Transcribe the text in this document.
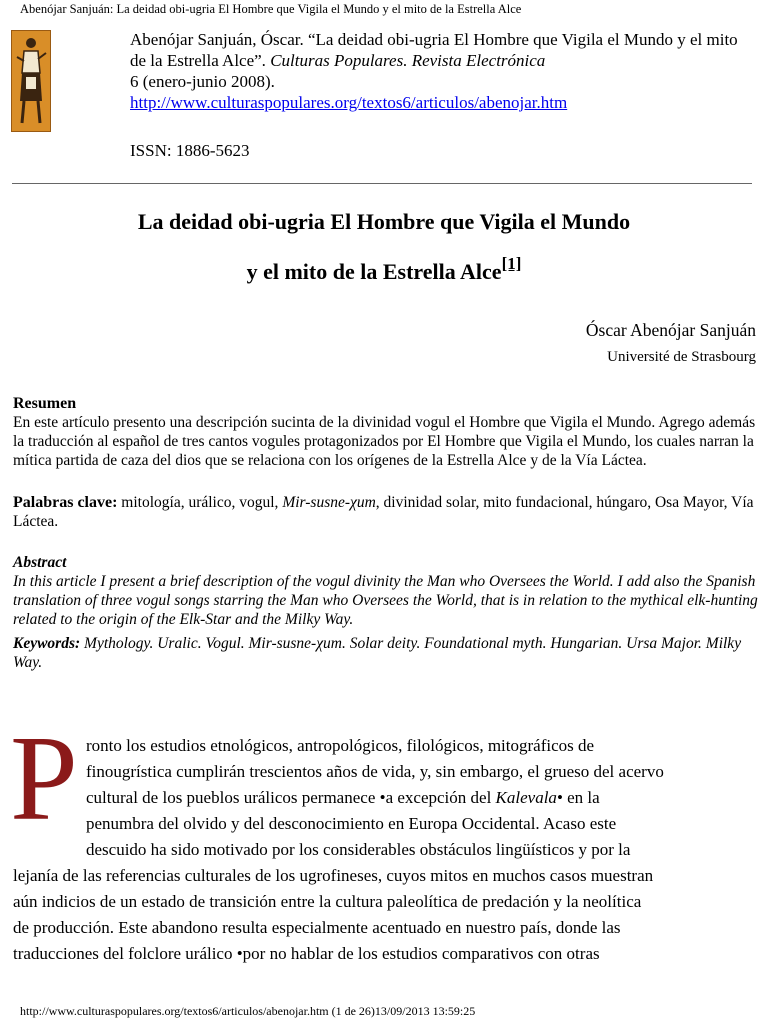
Abenójar Sanjuán: La deidad obi-ugria El Hombre que Vigila el Mundo y el mito de la Estrella Alce
Abenójar Sanjuán, Óscar. “La deidad obi-ugria El Hombre que Vigila el Mundo y el mito de la Estrella Alce”. Culturas Populares. Revista Electrónica
6 (enero-junio 2008).
http://www.culturaspopulares.org/textos6/articulos/abenojar.htm
ISSN: 1886-5623
La deidad obi-ugria El Hombre que Vigila el Mundo
y el mito de la Estrella Alce[1]
Óscar Abenójar Sanjuán
Université de Strasbourg
Resumen
En este artículo presento una descripción sucinta de la divinidad vogul el Hombre que Vigila el Mundo. Agrego además la traducción al español de tres cantos vogules protagonizados por El Hombre que Vigila el Mundo, los cuales narran la mítica partida de caza del dios que se relaciona con los orígenes de la Estrella Alce y de la Vía Láctea.
Palabras clave: mitología, urálico, vogul, Mir-susne-χum, divinidad solar, mito fundacional, húngaro, Osa Mayor, Vía Láctea.
Abstract
In this article I present a brief description of the vogul divinity the Man who Oversees the World. I add also the Spanish translation of three vogul songs starring the Man who Oversees the World, that is in relation to the mythical elk-hunting related to the origin of the Elk-Star and the Milky Way.
Keywords: Mythology. Uralic. Vogul. Mir-susne-χum. Solar deity. Foundational myth. Hungarian. Ursa Major. Milky Way.
P ronto los estudios etnológicos, antropológicos, filológicos, mitográficos de
finougrística cumplirán trescientos años de vida, y, sin embargo, el grueso del acervo
cultural de los pueblos urálicos permanece •a excepción del Kalevala• en la
penumbra del olvido y del desconocimiento en Europa Occidental. Acaso este
descuido ha sido motivado por los considerables obstáculos lingüísticos y por la
lejanía de las referencias culturales de los ugrofineses, cuyos mitos en muchos casos muestran
aún indicios de un estado de transición entre la cultura paleolítica de predación y la neolítica
de producción. Este abandono resulta especialmente acentuado en nuestro país, donde las
traducciones del folclore urálico •por no hablar de los estudios comparativos con otras
http://www.culturaspopulares.org/textos6/articulos/abenojar.htm (1 de 26)13/09/2013 13:59:25
